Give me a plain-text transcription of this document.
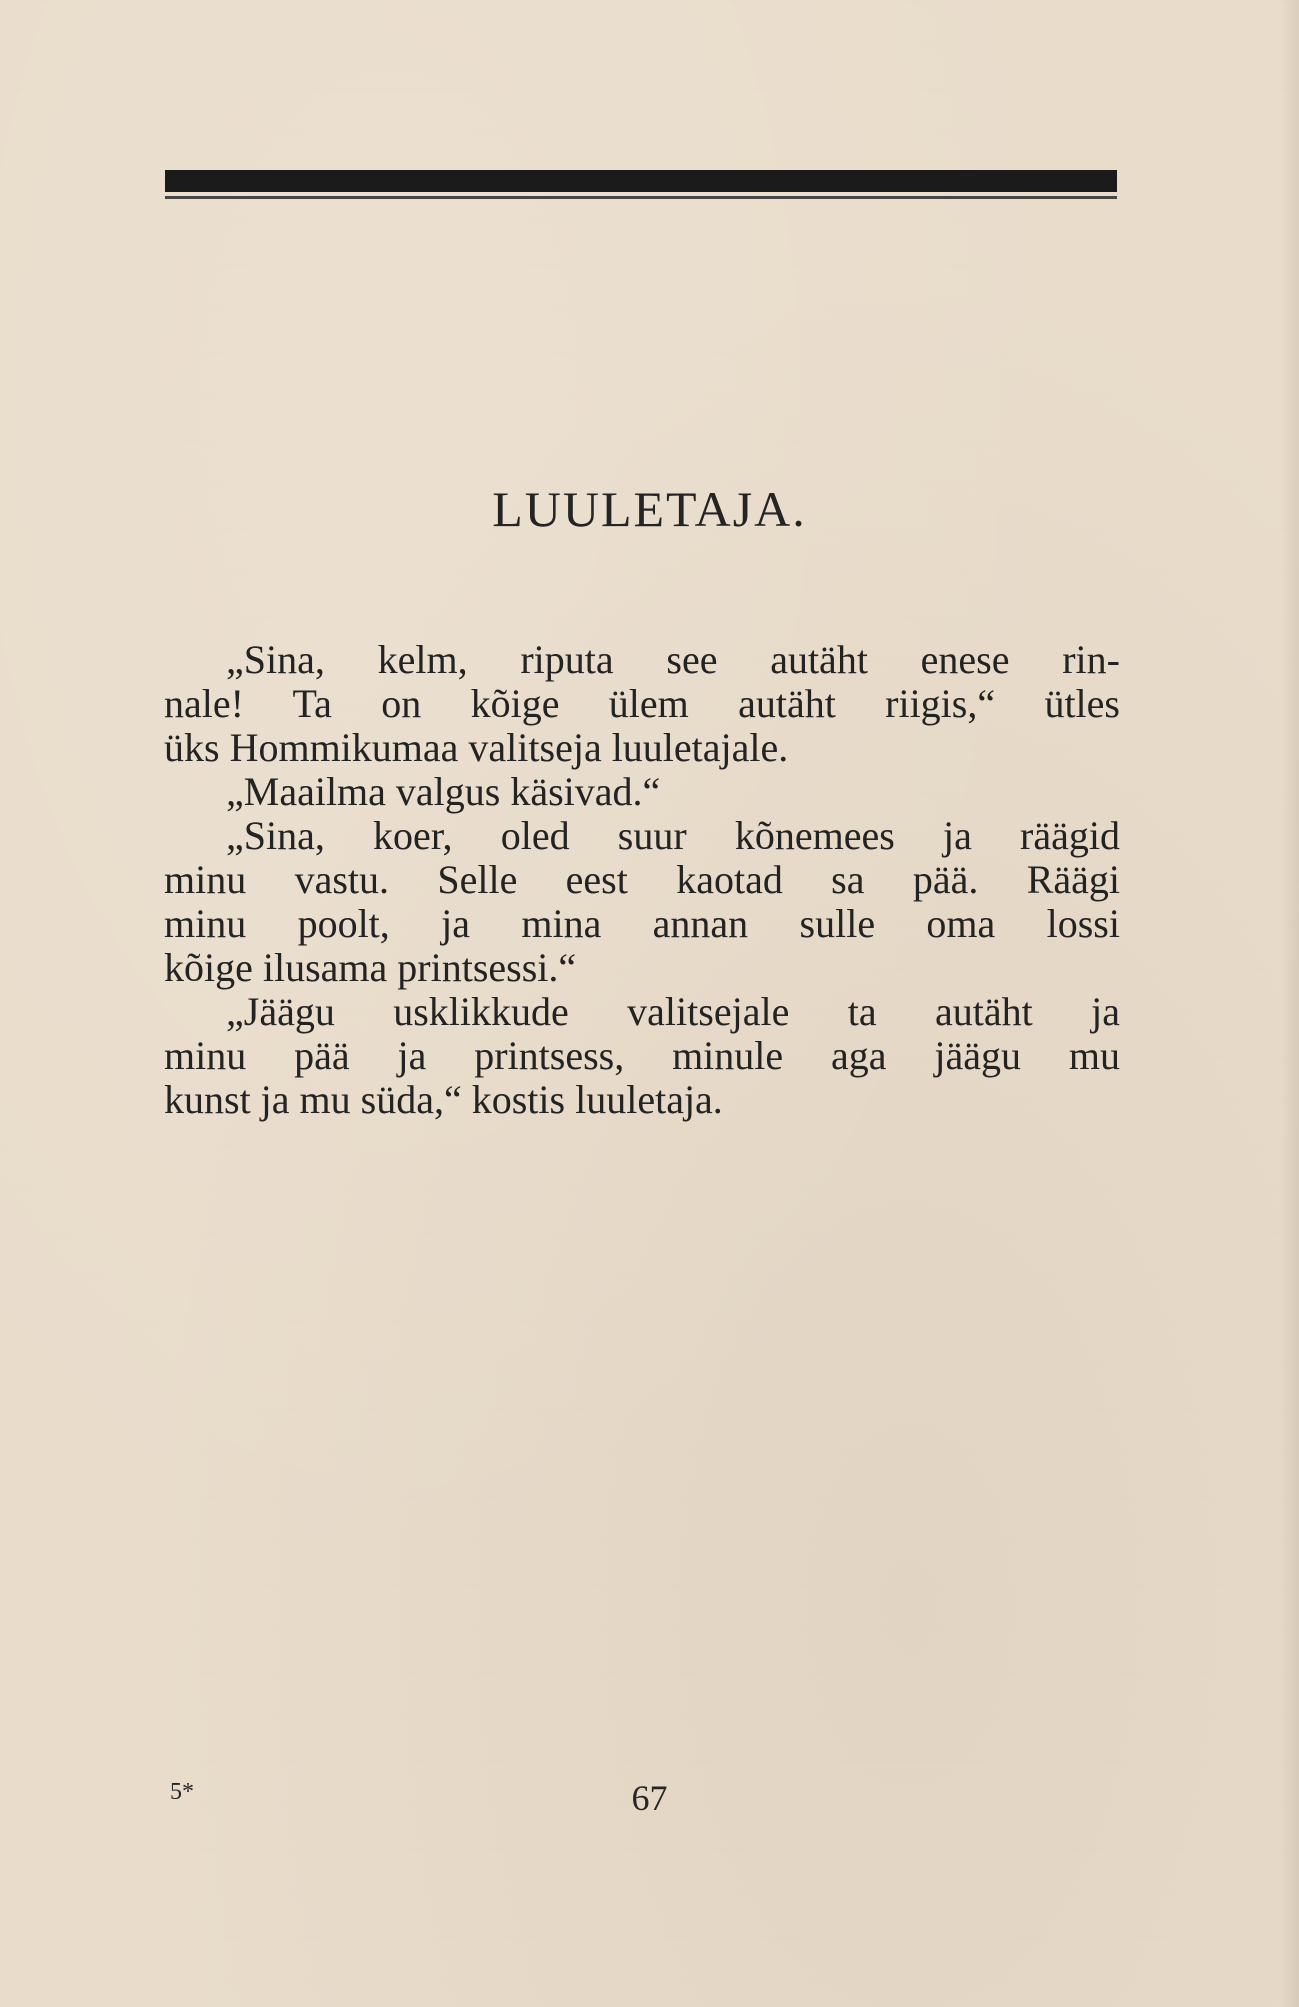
LUULETAJA.
„Sina, kelm, riputa see autäht enese rin-
nale! Ta on kõige ülem autäht riigis,“ ütles
üks Hommikumaa valitseja luuletajale.
„Maailma valgus käsivad.“
„Sina, koer, oled suur kõnemees ja räägid
minu vastu. Selle eest kaotad sa pää. Räägi
minu poolt, ja mina annan sulle oma lossi
kõige ilusama printsessi.“
„Jäägu usklikkude valitsejale ta autäht ja
minu pää ja printsess, minule aga jäägu mu
kunst ja mu süda,“ kostis luuletaja.
5*	67
